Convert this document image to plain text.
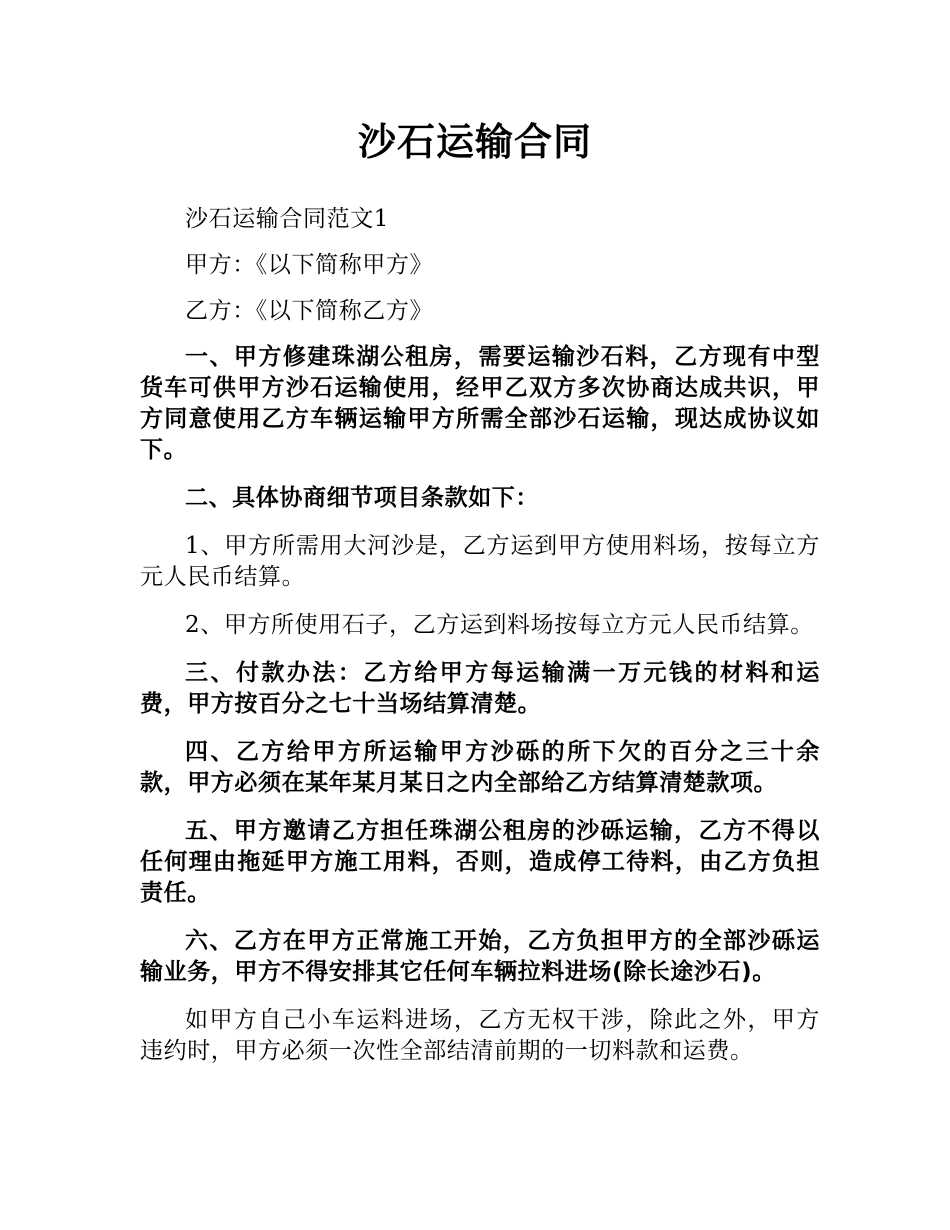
沙石运输合同

沙石运输合同范文1

甲方：《以下简称甲方》

乙方：《以下简称乙方》

一、甲方修建珠湖公租房，需要运输沙石料，乙方现有中型货车可供甲方沙石运输使用，经甲乙双方多次协商达成共识，甲方同意使用乙方车辆运输甲方所需全部沙石运输，现达成协议如下。

二、具体协商细节项目条款如下：

1、甲方所需用大河沙是，乙方运到甲方使用料场，按每立方元人民币结算。

2、甲方所使用石子，乙方运到料场按每立方元人民币结算。

三、付款办法：乙方给甲方每运输满一万元钱的材料和运费，甲方按百分之七十当场结算清楚。

四、乙方给甲方所运输甲方沙砾的所下欠的百分之三十余款，甲方必须在某年某月某日之内全部给乙方结算清楚款项。

五、甲方邀请乙方担任珠湖公租房的沙砾运输，乙方不得以任何理由拖延甲方施工用料，否则，造成停工待料，由乙方负担责任。

六、乙方在甲方正常施工开始，乙方负担甲方的全部沙砾运输业务，甲方不得安排其它任何车辆拉料进场(除长途沙石)。

如甲方自己小车运料进场，乙方无权干涉，除此之外，甲方违约时，甲方必须一次性全部结清前期的一切料款和运费。
